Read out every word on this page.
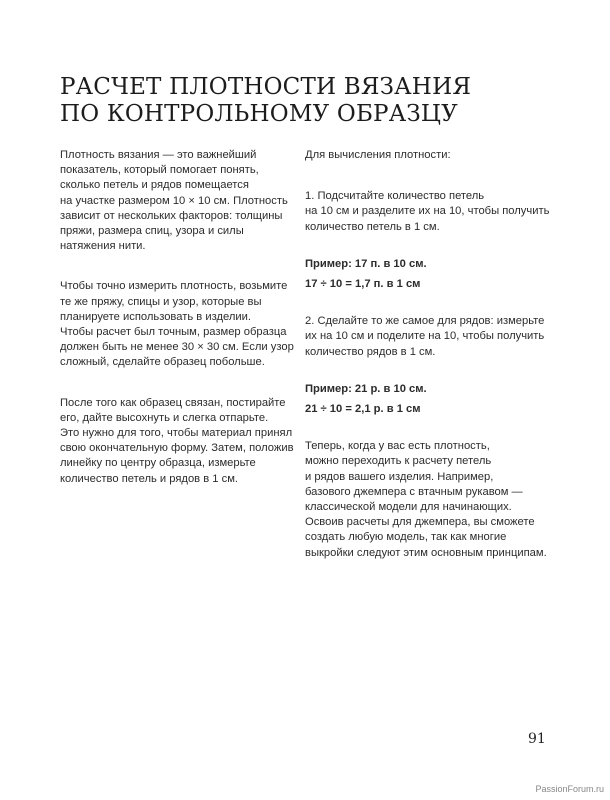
РАСЧЕТ ПЛОТНОСТИ ВЯЗАНИЯ
ПО КОНТРОЛЬНОМУ ОБРАЗЦУ

Плотность вязания — это важнейший
показатель, который помогает понять,
сколько петель и рядов помещается
на участке размером 10 × 10 см. Плотность
зависит от нескольких факторов: толщины
пряжи, размера спиц, узора и силы
натяжения нити.

Чтобы точно измерить плотность, возьмите
те же пряжу, спицы и узор, которые вы
планируете использовать в изделии.
Чтобы расчет был точным, размер образца
должен быть не менее 30 × 30 см. Если узор
сложный, сделайте образец побольше.

После того как образец связан, постирайте
его, дайте высохнуть и слегка отпарьте.
Это нужно для того, чтобы материал принял
свою окончательную форму. Затем, положив
линейку по центру образца, измерьте
количество петель и рядов в 1 см.

Для вычисления плотности:

1. Подсчитайте количество петель
на 10 см и разделите их на 10, чтобы получить
количество петель в 1 см.

Пример: 17 п. в 10 см.

17 ÷ 10 = 1,7 п. в 1 см

2. Сделайте то же самое для рядов: измерьте
их на 10 см и поделите на 10, чтобы получить
количество рядов в 1 см.

Пример: 21 р. в 10 см.

21 ÷ 10 = 2,1 р. в 1 см

Теперь, когда у вас есть плотность,
можно переходить к расчету петель
и рядов вашего изделия. Например,
базового джемпера с втачным рукавом —
классической модели для начинающих.
Освоив расчеты для джемпера, вы сможете
создать любую модель, так как многие
выкройки следуют этим основным принципам.

91
PassionForum.ru
